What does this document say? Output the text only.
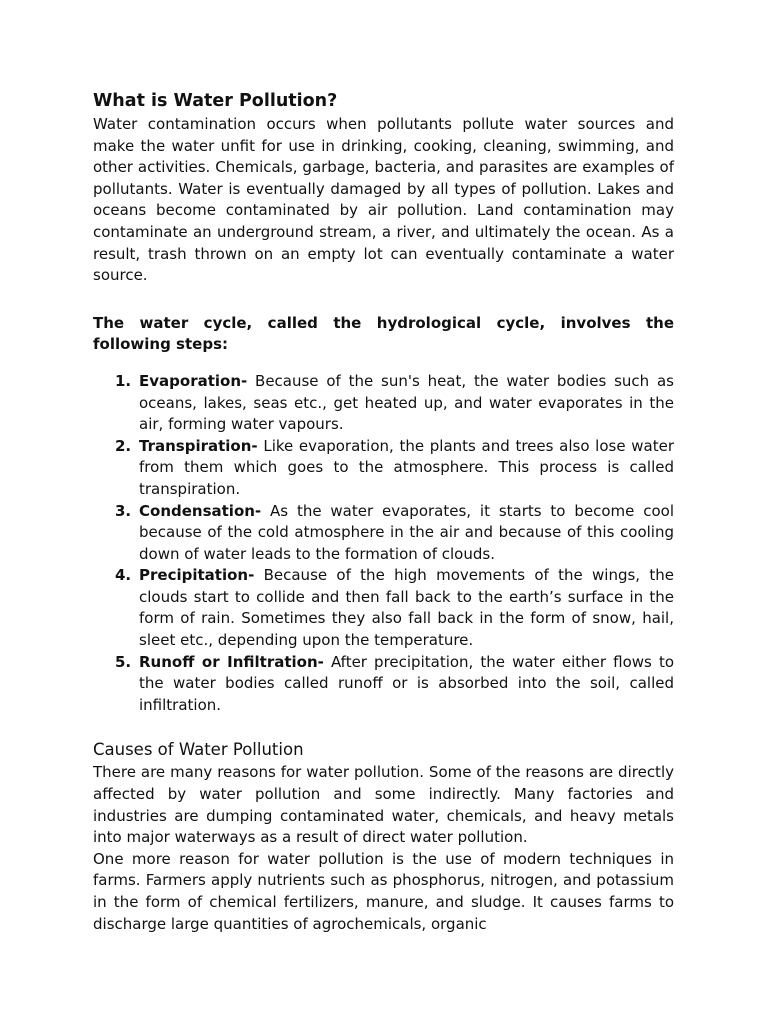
What is Water Pollution?

Water contamination occurs when pollutants pollute water sources and make the water unfit for use in drinking, cooking, cleaning, swimming, and other activities. Chemicals, garbage, bacteria, and parasites are examples of pollutants. Water is eventually damaged by all types of pollution. Lakes and oceans become contaminated by air pollution. Land contamination may contaminate an underground stream, a river, and ultimately the ocean. As a result, trash thrown on an empty lot can eventually contaminate a water source.

The water cycle, called the hydrological cycle, involves the following steps:

1. Evaporation- Because of the sun's heat, the water bodies such as oceans, lakes, seas etc., get heated up, and water evaporates in the air, forming water vapours.
2. Transpiration- Like evaporation, the plants and trees also lose water from them which goes to the atmosphere. This process is called transpiration.
3. Condensation- As the water evaporates, it starts to become cool because of the cold atmosphere in the air and because of this cooling down of water leads to the formation of clouds.
4. Precipitation- Because of the high movements of the wings, the clouds start to collide and then fall back to the earth’s surface in the form of rain. Sometimes they also fall back in the form of snow, hail, sleet etc., depending upon the temperature.
5. Runoff or Infiltration- After precipitation, the water either flows to the water bodies called runoff or is absorbed into the soil, called infiltration.
Causes of Water Pollution

There are many reasons for water pollution. Some of the reasons are directly affected by water pollution and some indirectly. Many factories and industries are dumping contaminated water, chemicals, and heavy metals into major waterways as a result of direct water pollution.

One more reason for water pollution is the use of modern techniques in farms. Farmers apply nutrients such as phosphorus, nitrogen, and potassium in the form of chemical fertilizers, manure, and sludge. It causes farms to discharge large quantities of agrochemicals, organic
